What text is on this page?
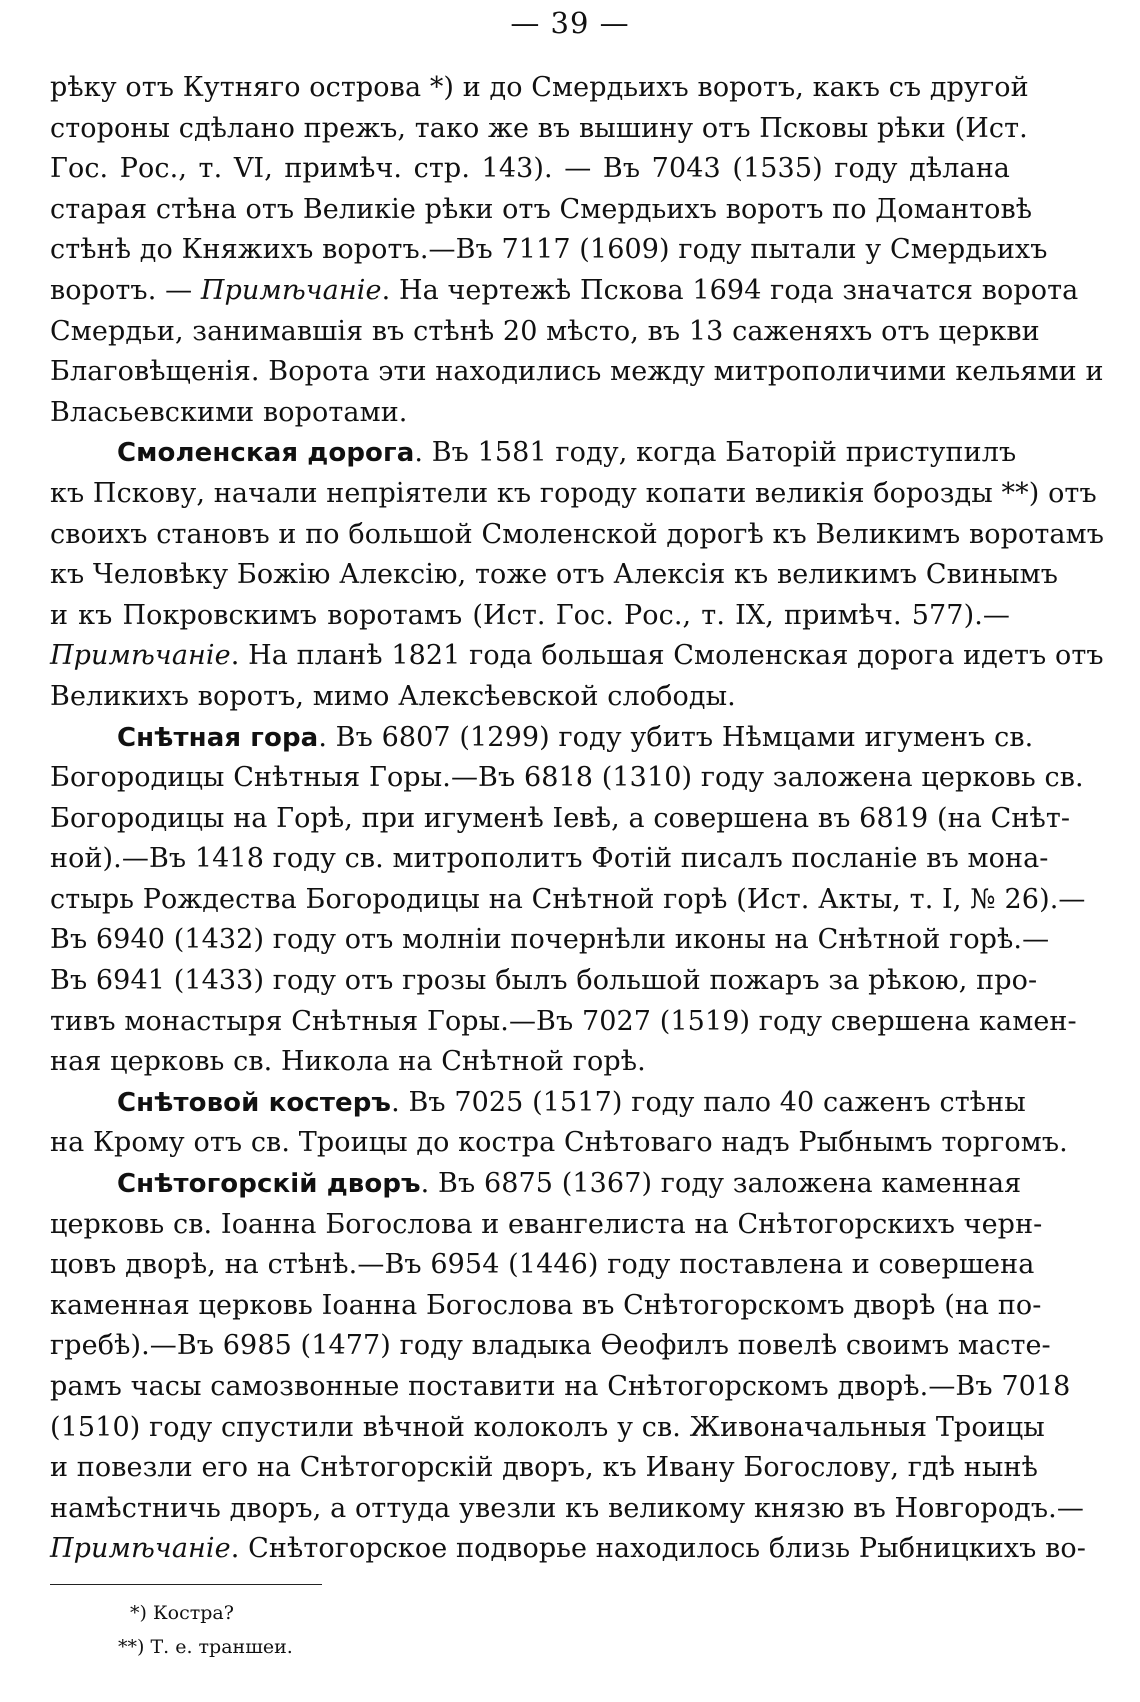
— 39 —
рѣку отъ Кутняго острова *) и до Смердьихъ воротъ, какъ съ другой
стороны сдѣлано прежъ, тако же въ вышину отъ Псковы рѣки (Ист.
Гос. Рос., т. VI, примѣч. стр. 143). — Въ 7043 (1535) году дѣлана
старая стѣна отъ Великіе рѣки отъ Смердьихъ воротъ по Домантовѣ
стѣнѣ до Княжихъ воротъ.—Въ 7117 (1609) году пытали у Смердьихъ
воротъ. — Примѣчаніе. На чертежѣ Пскова 1694 года значатся ворота
Смердьи, занимавшія въ стѣнѣ 20 мѣсто, въ 13 саженяхъ отъ церкви
Благовѣщенія. Ворота эти находились между митрополичими кельями и
Власьевскими воротами.
Смоленская дорога. Въ 1581 году, когда Баторій приступилъ
къ Пскову, начали непріятели къ городу копати великія борозды **) отъ
своихъ становъ и по большой Смоленской дорогѣ къ Великимъ воротамъ
къ Человѣку Божію Алексію, тоже отъ Алексія къ великимъ Свинымъ
и къ Покровскимъ воротамъ (Ист. Гос. Рос., т. IX, примѣч. 577).—
Примѣчаніе. На планѣ 1821 года большая Смоленская дорога идетъ отъ
Великихъ воротъ, мимо Алексѣевской слободы.
Снѣтная гора. Въ 6807 (1299) году убитъ Нѣмцами игуменъ св.
Богородицы Снѣтныя Горы.—Въ 6818 (1310) году заложена церковь св.
Богородицы на Горѣ, при игуменѣ Іевѣ, а совершена въ 6819 (на Снѣт-
ной).—Въ 1418 году св. митрополитъ Фотій писалъ посланіе въ мона-
стырь Рождества Богородицы на Снѣтной горѣ (Ист. Акты, т. I, № 26).—
Въ 6940 (1432) году отъ молніи почернѣли иконы на Снѣтной горѣ.—
Въ 6941 (1433) году отъ грозы былъ большой пожаръ за рѣкою, про-
тивъ монастыря Снѣтныя Горы.—Въ 7027 (1519) году свершена камен-
ная церковь св. Никола на Снѣтной горѣ.
Снѣтовой костеръ. Въ 7025 (1517) году пало 40 саженъ стѣны
на Крому отъ св. Троицы до костра Снѣтоваго надъ Рыбнымъ торгомъ.
Снѣтогорскій дворъ. Въ 6875 (1367) году заложена каменная
церковь св. Іоанна Богослова и евангелиста на Снѣтогорскихъ черн-
цовъ дворѣ, на стѣнѣ.—Въ 6954 (1446) году поставлена и совершена
каменная церковь Іоанна Богослова въ Снѣтогорскомъ дворѣ (на по-
гребѣ).—Въ 6985 (1477) году владыка Ѳеофилъ повелѣ своимъ масте-
рамъ часы самозвонные поставити на Снѣтогорскомъ дворѣ.—Въ 7018
(1510) году спустили вѣчной колоколъ у св. Живоначальныя Троицы
и повезли его на Снѣтогорскій дворъ, къ Ивану Богослову, гдѣ нынѣ
намѣстничь дворъ, а оттуда увезли къ великому князю въ Новгородъ.—
Примѣчаніе. Снѣтогорское подворье находилось близь Рыбницкихъ во-
*) Костра?
**) Т. е. траншеи.
